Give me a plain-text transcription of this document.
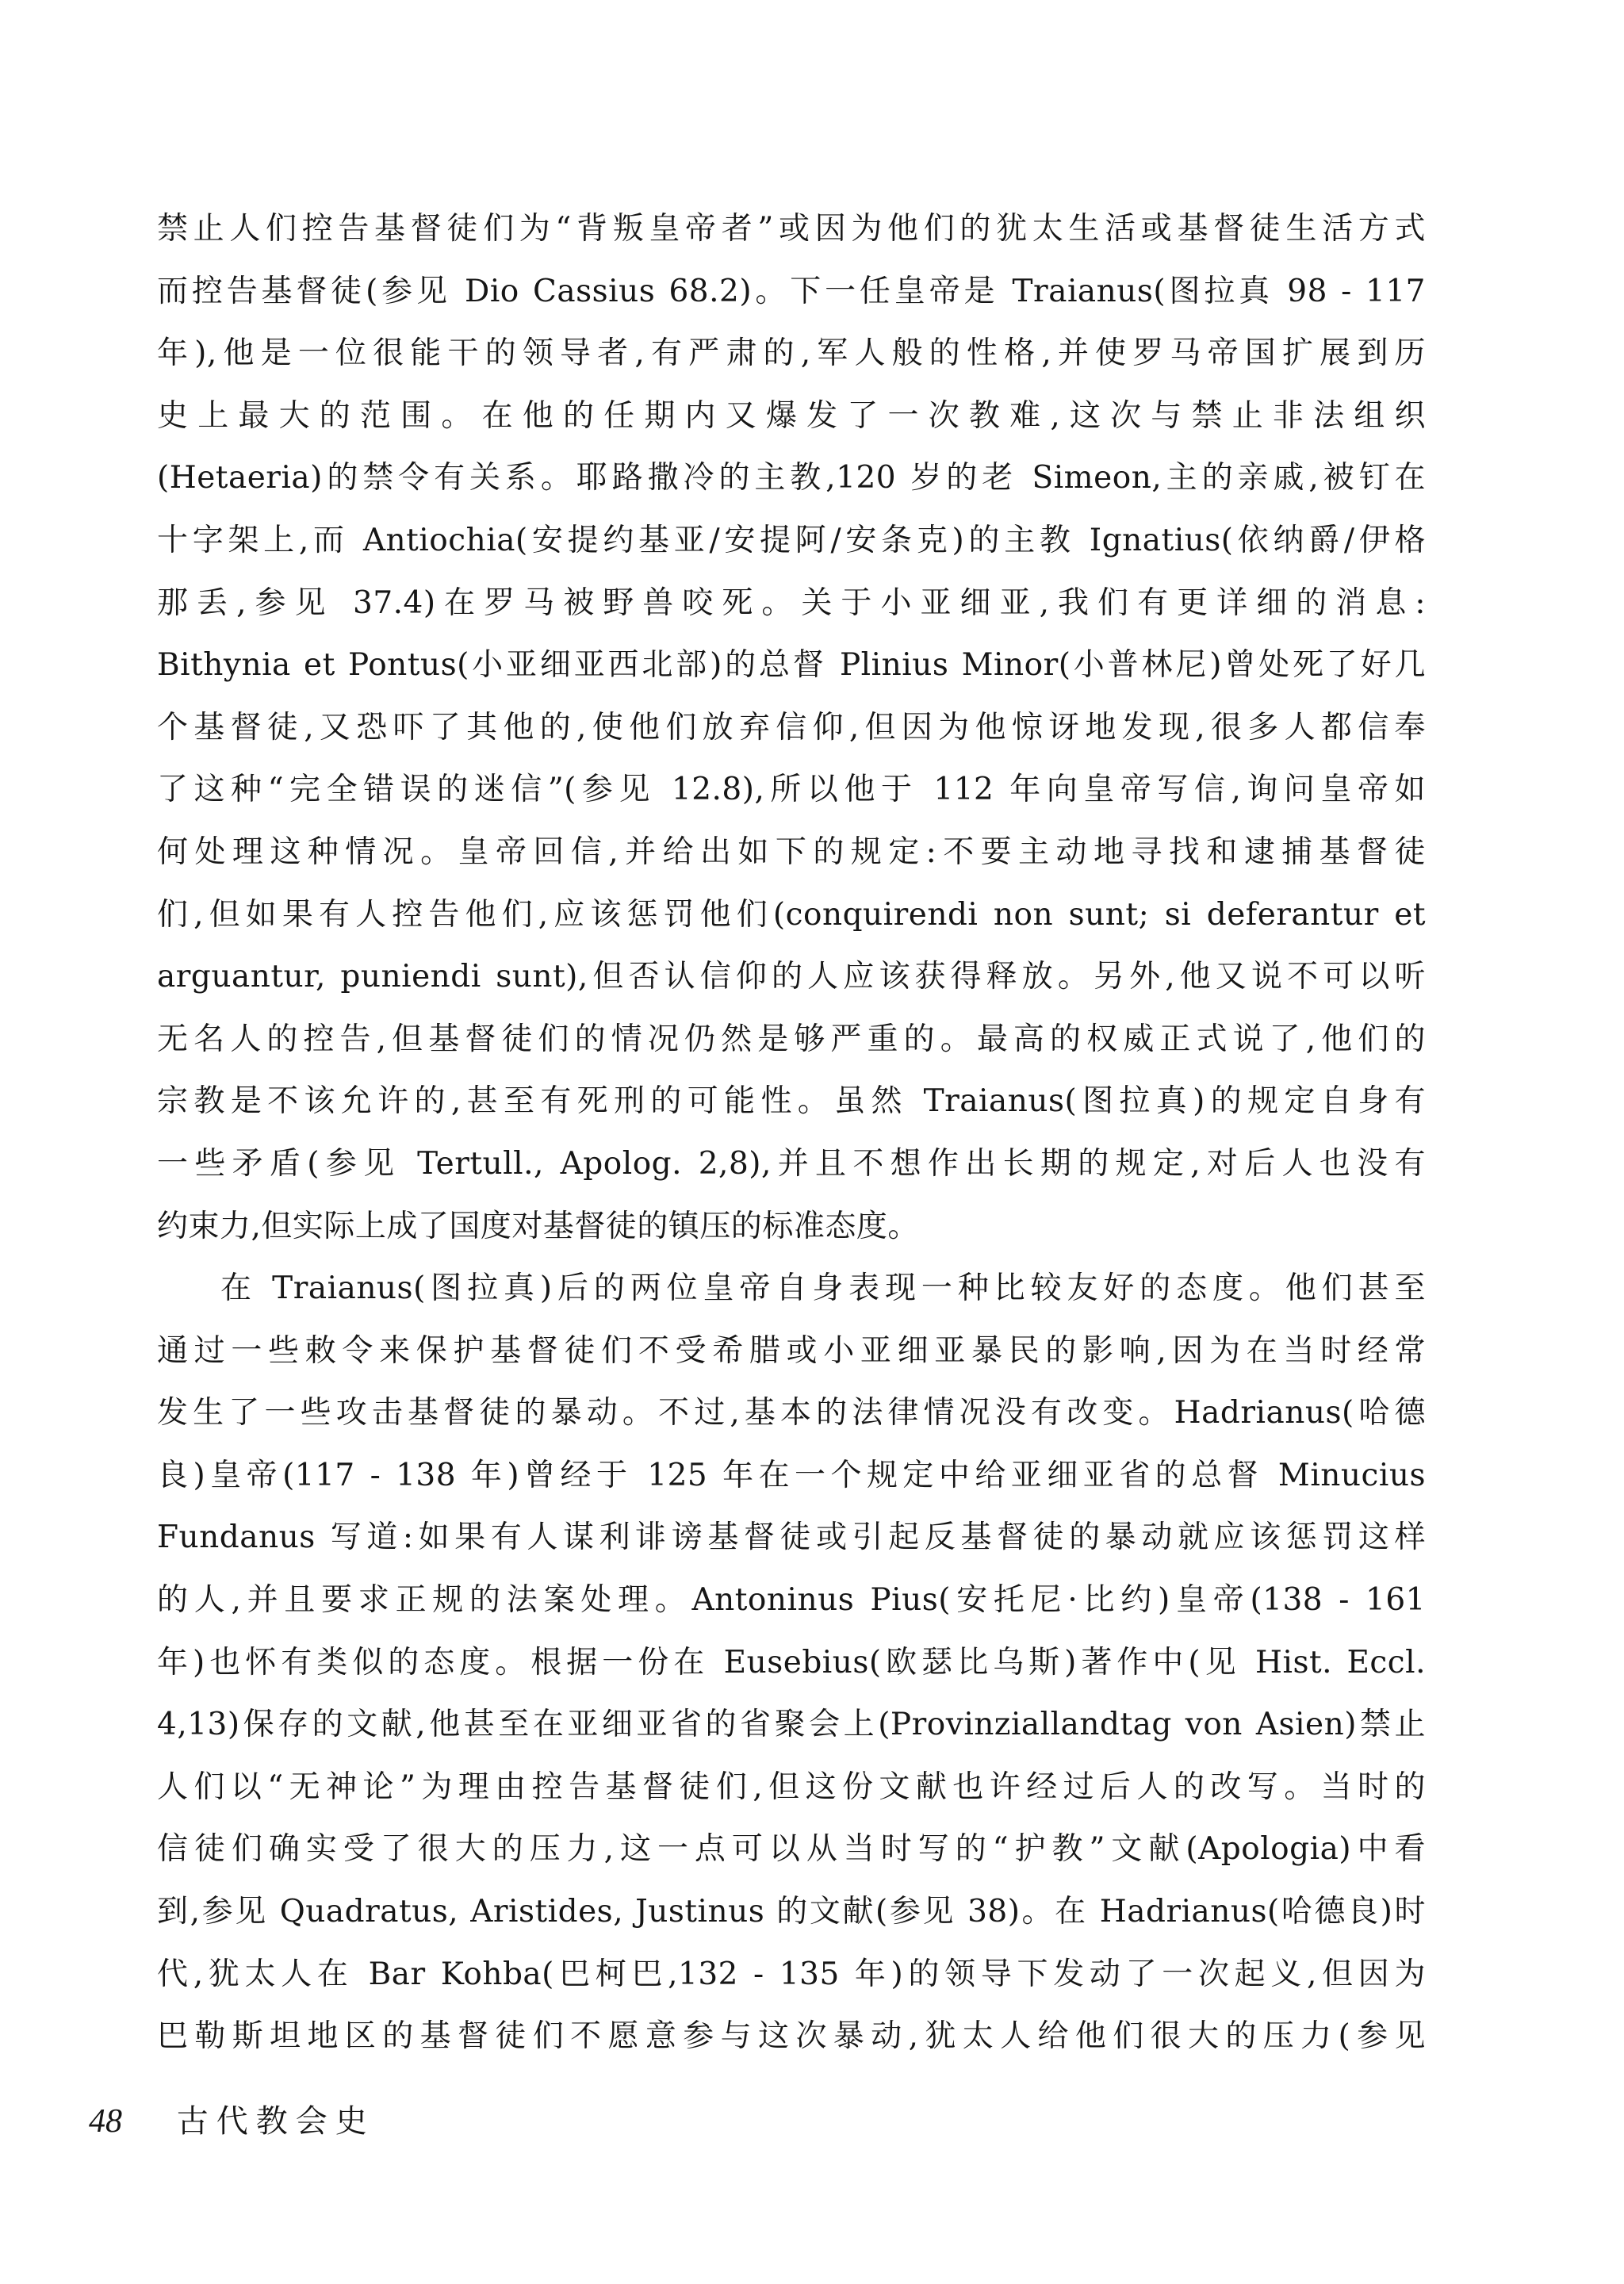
禁止人们控告基督徒们为“背叛皇帝者”或因为他们的犹太生活或基督徒生活方式
而控告基督徒(参见 Dio Cassius 68.2)。下一任皇帝是 Traianus(图拉真 98 - 117
年),他是一位很能干的领导者,有严肃的,军人般的性格,并使罗马帝国扩展到历
史上最大的范围。在他的任期内又爆发了一次教难,这次与禁止非法组织
(Hetaeria)的禁令有关系。耶路撒冷的主教,120 岁的老 Simeon,主的亲戚,被钉在
十字架上,而 Antiochia(安提约基亚/安提阿/安条克)的主教 Ignatius(依纳爵/伊格
那丢,参见 37.4)在罗马被野兽咬死。关于小亚细亚,我们有更详细的消息:
Bithynia et Pontus(小亚细亚西北部)的总督 Plinius Minor(小普林尼)曾处死了好几
个基督徒,又恐吓了其他的,使他们放弃信仰,但因为他惊讶地发现,很多人都信奉
了这种“完全错误的迷信”(参见 12.8),所以他于 112 年向皇帝写信,询问皇帝如
何处理这种情况。皇帝回信,并给出如下的规定:不要主动地寻找和逮捕基督徒
们,但如果有人控告他们,应该惩罚他们(conquirendi non sunt; si deferantur et
arguantur, puniendi sunt),但否认信仰的人应该获得释放。另外,他又说不可以听
无名人的控告,但基督徒们的情况仍然是够严重的。最高的权威正式说了,他们的
宗教是不该允许的,甚至有死刑的可能性。虽然 Traianus(图拉真)的规定自身有
一些矛盾(参见 Tertull., Apolog. 2,8),并且不想作出长期的规定,对后人也没有
约束力,但实际上成了国度对基督徒的镇压的标准态度。
在 Traianus(图拉真)后的两位皇帝自身表现一种比较友好的态度。他们甚至
通过一些敕令来保护基督徒们不受希腊或小亚细亚暴民的影响,因为在当时经常
发生了一些攻击基督徒的暴动。不过,基本的法律情况没有改变。Hadrianus(哈德
良)皇帝(117 - 138 年)曾经于 125 年在一个规定中给亚细亚省的总督 Minucius
Fundanus 写道:如果有人谋利诽谤基督徒或引起反基督徒的暴动就应该惩罚这样
的人,并且要求正规的法案处理。Antoninus Pius(安托尼·比约)皇帝(138 - 161
年)也怀有类似的态度。根据一份在 Eusebius(欧瑟比乌斯)著作中(见 Hist. Eccl.
4,13)保存的文献,他甚至在亚细亚省的省聚会上(Provinziallandtag von Asien)禁止
人们以“无神论”为理由控告基督徒们,但这份文献也许经过后人的改写。当时的
信徒们确实受了很大的压力,这一点可以从当时写的“护教”文献(Apologia)中看
到,参见 Quadratus, Aristides, Justinus 的文献(参见 38)。在 Hadrianus(哈德良)时
代,犹太人在 Bar Kohba(巴柯巴,132 - 135 年)的领导下发动了一次起义,但因为
巴勒斯坦地区的基督徒们不愿意参与这次暴动,犹太人给他们很大的压力(参见
48 古代教会史
